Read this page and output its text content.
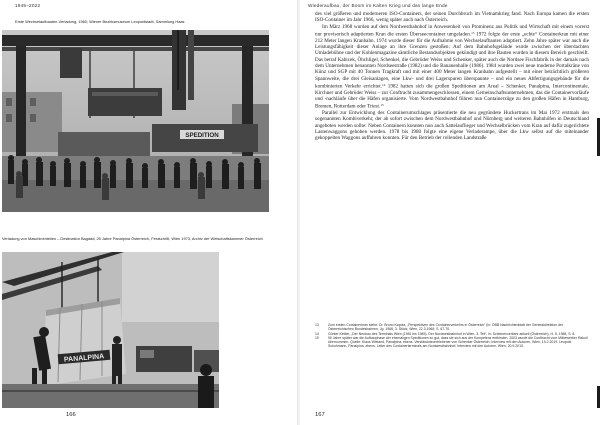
1945–2022
Erste Wechselaufbauten-Verladung, 1960; Wiener Bezirksmuseum Leopoldstadt, Sammlung Haas
SPEDITION
Verladung von Maschinenteilen – Destination Bagdad; 25 Jahre Panalpina Österreich, Festschrift, Wien 1973, Archiv der Wirtschaftskammer Österreich
PANALPINA
166
Wiederaufbau, der Boom im Kalten Krieg und das lange Ende

des viel größeren und moderneren ISO-Containers, der seinen Durchbruch im Vietnamkrieg fand. Nach Europa kamen die ersten ISO-Container im Jahr 1966, wenig später auch nach Österreich.

Im März 1968 wurden auf dem Nordwestbahnhof in Anwesenheit von Prominenz aus Politik und Wirtschaft mit einem vorerst nur provisorisch adaptierten Kran die ersten Überseecontainer umgeladen.$^{13}$ 1972 folgte der erste „echte“ Containerkran mit einer 212 Meter langen Kranbahn. 1974 wurde dieser für die Aufnahme von Wechselaufbauten adaptiert. Zehn Jahre später war auch die Leistungsfähigkeit dieser Anlage an ihre Grenzen gestoßen: Auf dem Bahnhofsgelände wurde zwischen der überdachten Umladebühne und der Kohlenmagazine sämtliche Bestandsobjekten gekündigt und ihre Bauten wurden in diesem Bereich geschleift. Das betraf Kabicek, Öhchligel, Schenkel, die Gebrüder Weiss und Schenker, später auch die Nordsee Fischfabrik in der damals nach dem Unternehmen benannten Nordseestraße (1982) und die Bananenhalle (1986). 1984 wurden zwei neue moderne Portalkräne von Künz und SGP mit 40 Tonnen Tragkraft und mit einer 400 Meter langen Kranbahn aufgestellt – mit einer beträchtlich größeren Spannweite, die drei Gleisanlagen, eine Lkw- und drei Lagerspuren überspannte – und ein neues Abfertigungsgebäude für die kombinierten Verkehr errichtet.$^{14}$ 1982 hatten sich die großen Speditionen am Areal – Schenker, Panalpina, Intercontinentale, Kirchner und Gebrüder Weiss – zur Conftracht zusammengeschlossen, einem Gemeinschaftsunternehmen, das die Containervorläufe und -nachläufe über die Häfen organisierte. Vom Nordwestbahnhof führen nun Containerzüge zu den großen Häfen in Hamburg, Bremen, Rotterdam oder Triest.$^{15}$

Parallel zur Entwicklung des Containerumschlages präsentierte die neu gegründete Huckertrans im Mai 1972 erstmals den sogenannten Kombiverkehr, der ab sofort zwischen dem Nordwestbahnhof und Nürnberg und weiteren Bahnhöfen in Deutschland angeboten werden sollte: Neben Containern konnten nun auch Sattelauflieger und Wechselbrücken vom Kran auf dafür zugerichtete Lastenwaggons gehoben werden. 1978 bis 1980 folgte eine eigene Verladerampe, über die Lkw selbst auf die miteinander gekoppelten Waggons auffahren konnten. Für den Betrieb der rollenden Landstraße

13	Zum ersten Containerkran siehe: Dr. Bruno Kapola, „Perspektiven des Containerverkehrs in Österreich“ (in: ÖBB Nachrichtenblatt der Generaldirektion der Österreichischen Bundesbahnen, Jg. 1968, 3. Stück, Wien, 22.3.1968, S. 67-70.

14	Günter Kettler, „Der Neubau des Terminals Wien (1981 bis 1985). Der Nordwestbahnhof in Wien, 3. Teil“, in: Schienenverkehr aktuell (Österreich), H. 5, 1988, S. 8.

15	90 Jahre später war die Aufbauphase der ehemaligen Speditionen so gut, dass sie sich aus der Kompetenz entbinden. 2003 wurde die Conftracht vom Mitbewerber Rakoll übernommen. Quelle: Klaus Wieland, Panalpina, ebens. Verständnisvertriebener von Schenker Österreich; Interview mit den Autoren, Wien, 19.2.2019. Leopold Schuhmann, Panalpina, ebens. Leiter des Containerterminals am Nordwestbahnhof; Interview mit den Autoren, Wien, 20.9.2019.

167
